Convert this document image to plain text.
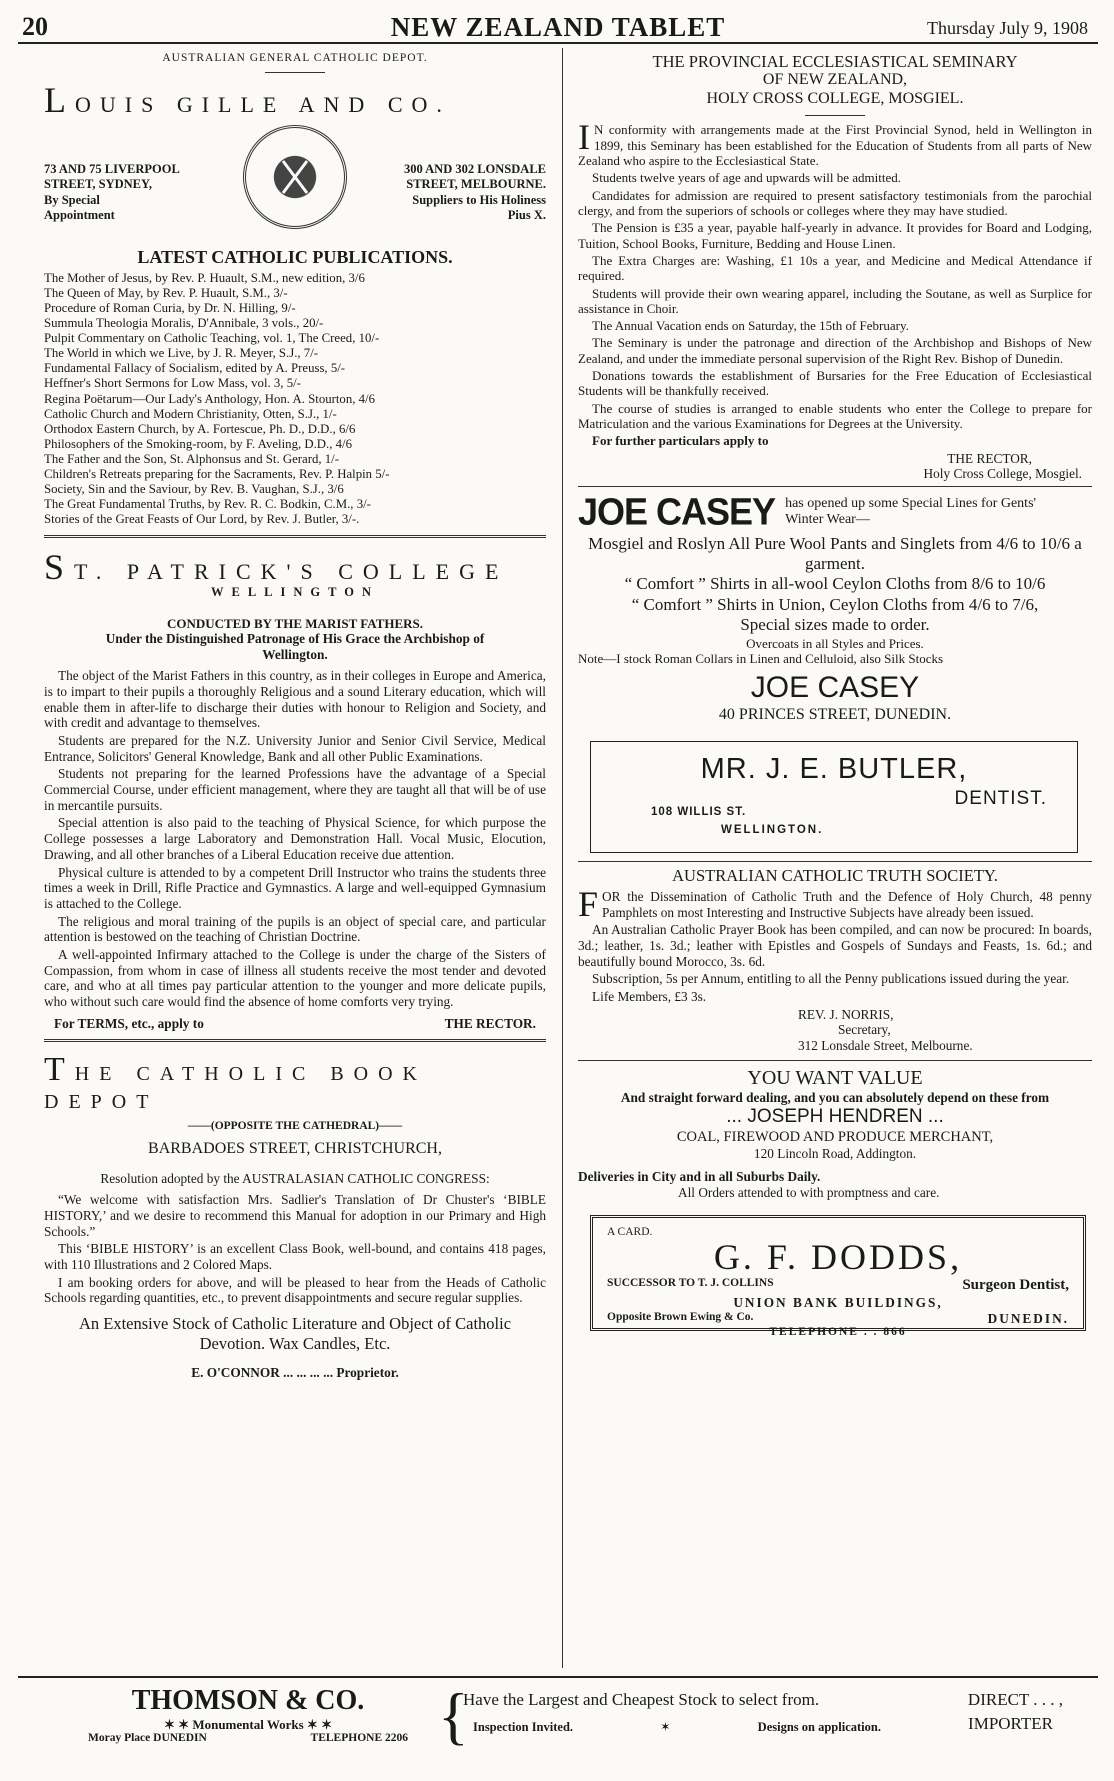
20	NEW ZEALAND TABLET	Thursday July 9, 1908
AUSTRALIAN GENERAL CATHOLIC DEPOT.
LOUIS GILLE AND CO.
73 AND 75 LIVERPOOL STREET, SYDNEY,
300 AND 302 LONSDALE STREET, MELBOURNE.
By Special Appointment
Suppliers to His Holiness Pius X.
LATEST CATHOLIC PUBLICATIONS.
The Mother of Jesus, by Rev. P. Huault, S.M., new edition, 3/6
The Queen of May, by Rev. P. Huault, S.M., 3/-
Procedure of Roman Curia, by Dr. N. Hilling, 9/-
Summula Theologia Moralis, D'Annibale, 3 vols., 20/-
Pulpit Commentary on Catholic Teaching, vol. 1, The Creed, 10/-
The World in which we Live, by J. R. Meyer, S.J., 7/-
Fundamental Fallacy of Socialism, edited by A. Preuss, 5/-
Heffner's Short Sermons for Low Mass, vol. 3, 5/-
Regina Poëtarum—Our Lady's Anthology, Hon. A. Stourton, 4/6
Catholic Church and Modern Christianity, Otten, S.J., 1/-
Orthodox Eastern Church, by A. Fortescue, Ph. D., D.D., 6/6
Philosophers of the Smoking-room, by F. Aveling, D.D., 4/6
The Father and the Son, St. Alphonsus and St. Gerard, 1/-
Children's Retreats preparing for the Sacraments, Rev. P. Halpin 5/-
Society, Sin and the Saviour, by Rev. B. Vaughan, S.J., 3/6
The Great Fundamental Truths, by Rev. R. C. Bodkin, C.M., 3/-
Stories of the Great Feasts of Our Lord, by Rev. J. Butler, 3/-.
ST. PATRICK'S COLLEGE
WELLINGTON
CONDUCTED BY THE MARIST FATHERS.
Under the Distinguished Patronage of His Grace the Archbishop of Wellington.

The object of the Marist Fathers in this country, as in their colleges in Europe and America, is to impart to their pupils a thoroughly Religious and a sound Literary education, which will enable them in after-life to discharge their duties with honour to Religion and Society, and with credit and advantage to themselves.

Students are prepared for the N.Z. University Junior and Senior Civil Service, Medical Entrance, Solicitors' General Knowledge, Bank and all other Public Examinations.

Students not preparing for the learned Professions have the advantage of a Special Commercial Course, under efficient management, where they are taught all that will be of use in mercantile pursuits.

Special attention is also paid to the teaching of Physical Science, for which purpose the College possesses a large Laboratory and Demonstration Hall. Vocal Music, Elocution, Drawing, and all other branches of a Liberal Education receive due attention.

Physical culture is attended to by a competent Drill Instructor who trains the students three times a week in Drill, Rifle Practice and Gymnastics. A large and well-equipped Gymnasium is attached to the College.

The religious and moral training of the pupils is an object of special care, and particular attention is bestowed on the teaching of Christian Doctrine.

A well-appointed Infirmary attached to the College is under the charge of the Sisters of Compassion, from whom in case of illness all students receive the most tender and devoted care, and who at all times pay particular attention to the younger and more delicate pupils, who without such care would find the absence of home comforts very trying.

For TERMS, etc., apply to	THE RECTOR.
THE CATHOLIC BOOK DEPOT
——(OPPOSITE THE CATHEDRAL)——
BARBADOES STREET, CHRISTCHURCH,
Resolution adopted by the AUSTRALASIAN CATHOLIC CONGRESS:

“We welcome with satisfaction Mrs. Sadlier's Translation of Dr Chuster's ‘BIBLE HISTORY,’ and we desire to recommend this Manual for adoption in our Primary and High Schools.”

This ‘BIBLE HISTORY’ is an excellent Class Book, well-bound, and contains 418 pages, with 110 Illustrations and 2 Colored Maps.

I am booking orders for above, and will be pleased to hear from the Heads of Catholic Schools regarding quantities, etc., to prevent disappointments and secure regular supplies.

An Extensive Stock of Catholic Literature and Object of Catholic Devotion. Wax Candles, Etc.
E. O'CONNOR ... ... ... ... Proprietor.
THE PROVINCIAL ECCLESIASTICAL SEMINARY
OF NEW ZEALAND,
HOLY CROSS COLLEGE, MOSGIEL.

I N conformity with arrangements made at the First Provincial Synod, held in Wellington in 1899, this Seminary has been established for the Education of Students from all parts of New Zealand who aspire to the Ecclesiastical State.

Students twelve years of age and upwards will be admitted.

Candidates for admission are required to present satisfactory testimonials from the parochial clergy, and from the superiors of schools or colleges where they may have studied.

The Pension is £35 a year, payable half-yearly in advance. It provides for Board and Lodging, Tuition, School Books, Furniture, Bedding and House Linen.

The Extra Charges are: Washing, £1 10s a year, and Medicine and Medical Attendance if required.

Students will provide their own wearing apparel, including the Soutane, as well as Surplice for assistance in Choir.

The Annual Vacation ends on Saturday, the 15th of February.

The Seminary is under the patronage and direction of the Archbishop and Bishops of New Zealand, and under the immediate personal supervision of the Right Rev. Bishop of Dunedin.

Donations towards the establishment of Bursaries for the Free Education of Ecclesiastical Students will be thankfully received.

The course of studies is arranged to enable students who enter the College to prepare for Matriculation and the various Examinations for Degrees at the University.

For further particulars apply to

THE RECTOR,
Holy Cross College, Mosgiel.
JOE CASEY has opened up some Special Lines for Gents' Winter Wear—
Mosgiel and Roslyn All Pure Wool Pants and Singlets from 4/6 to 10/6 a garment.
“ Comfort ” Shirts in all-wool Ceylon Cloths from 8/6 to 10/6
“ Comfort ” Shirts in Union, Ceylon Cloths from 4/6 to 7/6,
Special sizes made to order.
Overcoats in all Styles and Prices.
Note—I stock Roman Collars in Linen and Celluloid, also Silk Stocks
JOE CASEY
40 PRINCES STREET, DUNEDIN.
MR. J. E. BUTLER,
DENTIST.
108 WILLIS ST.
WELLINGTON.
AUSTRALIAN CATHOLIC TRUTH SOCIETY.

FOR the Dissemination of Catholic Truth and the Defence of Holy Church, 48 penny Pamphlets on most Interesting and Instructive Subjects have already been issued.

An Australian Catholic Prayer Book has been compiled, and can now be procured: In boards, 3d.; leather, 1s. 3d.; leather with Epistles and Gospels of Sundays and Feasts, 1s. 6d.; and beautifully bound Morocco, 3s. 6d.

Subscription, 5s per Annum, entitling to all the Penny publications issued during the year.

Life Members, £3 3s.

REV. J. NORRIS,
Secretary,
312 Lonsdale Street, Melbourne.
YOU WANT VALUE
And straight forward dealing, and you can absolutely depend on these from
... JOSEPH HENDREN ...
COAL, FIREWOOD AND PRODUCE MERCHANT,
120 Lincoln Road, Addington.
Deliveries in City and in all Suburbs Daily.
All Orders attended to with promptness and care.
A CARD.
G. F. DODDS,
SUCCESSOR TO T. J. COLLINS	Surgeon Dentist,
UNION BANK BUILDINGS,
Opposite Brown Ewing & Co.	DUNEDIN.
TELEPHONE . . 866
THOMSON & CO.
✶ ✶ Monumental Works ✶ ✶
Moray Place DUNEDIN	TELEPHONE 2206 {
Have the Largest and Cheapest Stock to select from.	DIRECT . . . ,
Inspection Invited.	✶	Designs on application.	IMPORTER
